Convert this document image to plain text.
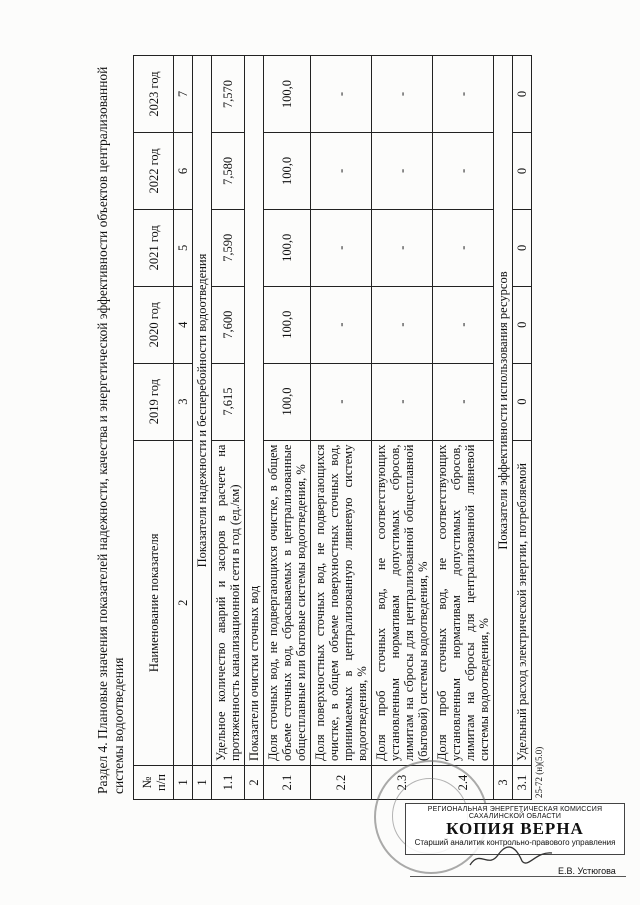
Раздел 4. Плановые значения показателей надежности, качества и энергетической эффективности объектов централизованной системы водоотведения № п/п	Наименование показателя	2019 год	2020 год	2021 год	2022 год	2023 год
1	2	3	4	5	6	7
1	Показатели надежности и бесперебойности водоотведения					
1.1	Удельное количество аварий и засоров в расчете на протяженность канализационной сети в год (ед./км)	7,615	7,600	7,590	7,580	7,570
2	Показатели очистки сточных вод					
2.1	Доля сточных вод, не подвергающихся очистке, в общем объеме сточных вод, сбрасываемых в централизованные общесплавные или бытовые системы водоотведения, %	100,0	100,0	100,0	100,0	100,0
2.2	Доля поверхностных сточных вод, не подвергающихся очистке, в общем объеме поверхностных сточных вод, принимаемых в централизованную ливневую систему водоотведения, %	-	-	-	-	-
2.3	Доля проб сточных вод, не соответствующих установленным нормативам допустимых сбросов, лимитам на сбросы для централизованной общесплавной (бытовой) системы водоотведения, %	-	-	-	-	-
2.4	Доля проб сточных вод, не соответствующих установленным нормативам допустимых сбросов, лимитам на сбросы для централизованной ливневой системы водоотведения, %	-	-	-	-	-
3	Показатели эффективности использования ресурсов					
3.1	Удельный расход электрической энергии, потребляемой	0	0	0	0	0
25-72 (н)(5.0)
РЕГИОНАЛЬНАЯ ЭНЕРГЕТИЧЕСКАЯ КОМИССИЯ САХАЛИНСКОЙ ОБЛАСТИ
КОПИЯ ВЕРНА
Старший аналитик контрольно-правового управления
Е.В. Устюгова
